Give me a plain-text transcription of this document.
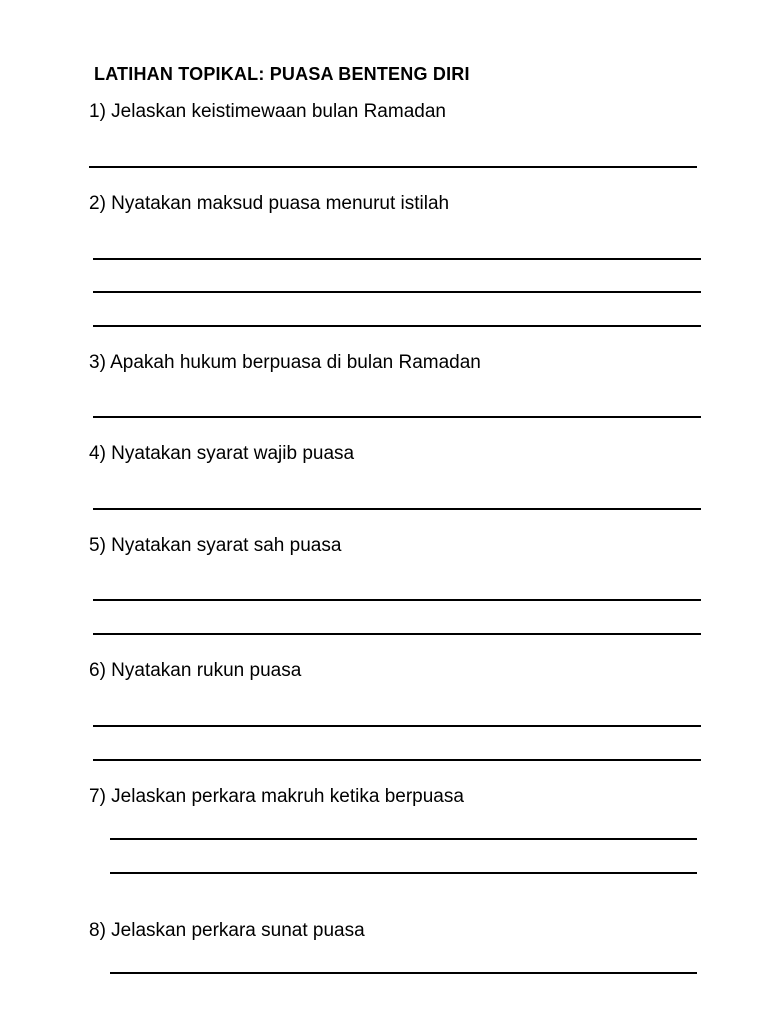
LATIHAN TOPIKAL: PUASA BENTENG DIRI
1) Jelaskan keistimewaan bulan Ramadan
2) Nyatakan maksud puasa menurut istilah
3) Apakah hukum berpuasa di bulan Ramadan
4) Nyatakan syarat wajib puasa
5) Nyatakan syarat sah puasa
6) Nyatakan rukun puasa
7) Jelaskan perkara makruh ketika berpuasa
8) Jelaskan perkara sunat puasa
